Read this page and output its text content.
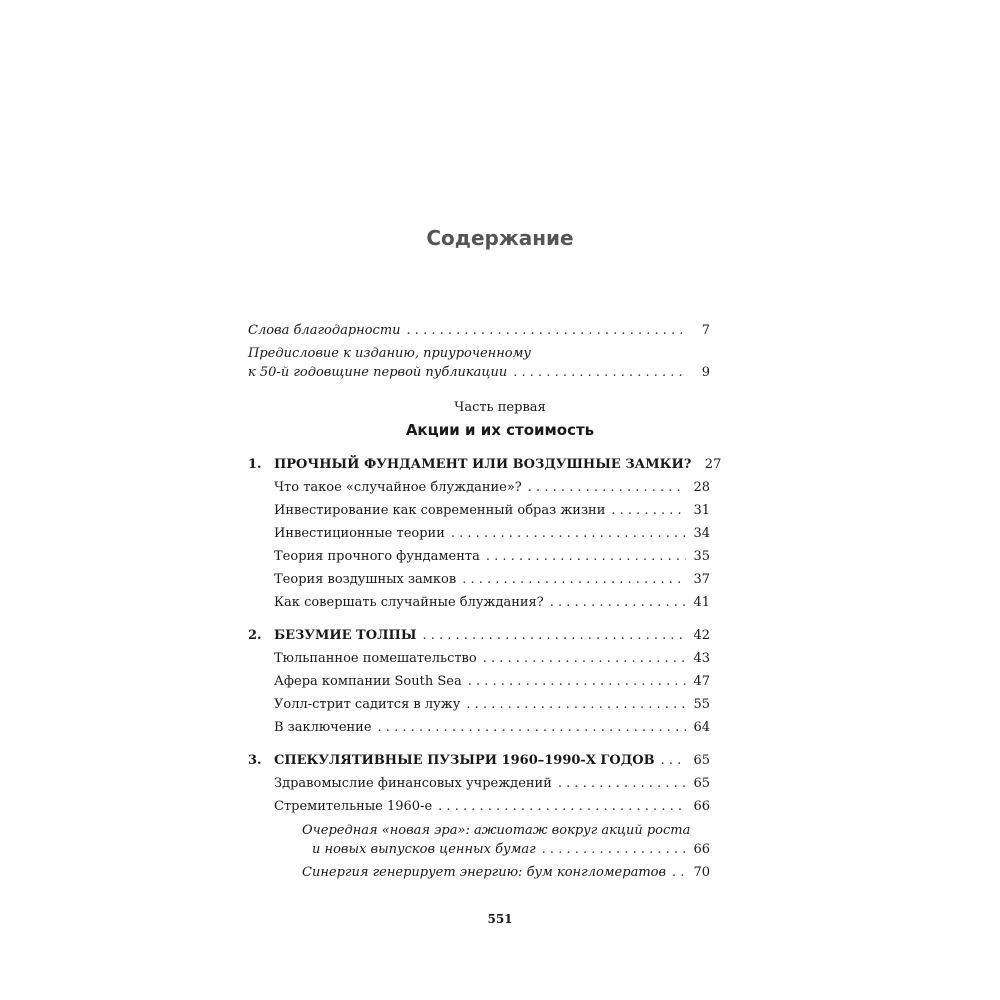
Содержание
Слова благодарности . . .	7
Предисловие к изданию, приуроченному
к 50-й годовщине первой публикации . . .	9
Часть первая
Акции и их стоимость
1. ПРОЧНЫЙ ФУНДАМЕНТ ИЛИ ВОЗДУШНЫЕ ЗАМКИ? 27
Что такое «случайное блуждание»? . . .	28
Инвестирование как современный образ жизни . . .	31
Инвестиционные теории . . .	34
Теория прочного фундамента . . .	35
Теория воздушных замков . . .	37
Как совершать случайные блуждания? . . .	41
2. БЕЗУМИЕ ТОЛПЫ . . .	42
Тюльпанное помешательство . . .	43
Афера компании South Sea . . .	47
Уолл-стрит садится в лужу . . .	55
В заключение . . .	64
3. СПЕКУЛЯТИВНЫЕ ПУЗЫРИ 1960–1990-Х ГОДОВ . . .	65
Здравомыслие финансовых учреждений . . .	65
Стремительные 1960-е . . .	66
Очередная «новая эра»: ажиотаж вокруг акций роста
и новых выпусков ценных бумаг . . .	66
Синергия генерирует энергию: бум конгломератов . . . 70
551
